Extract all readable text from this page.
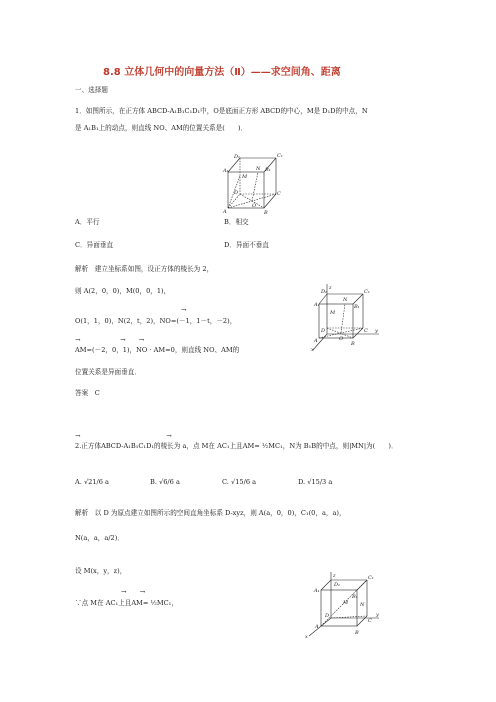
8.8 立体几何中的向量方法（Ⅱ）——求空间角、距离
一、选择题
1．如图所示，在正方体 ABCD-A₁B₁C₁D₁中，O是底面正方形 ABCD的中心，M是 D₁D的中点，N
是 A₁B₁上的动点，则直线 NO、AM的位置关系是(　　)．
D₁	C₁
A₁	B₁
M
N
D	C
A
O
B
A．平行	B．相交
C．异面垂直	D．异面不垂直
解析　建立坐标系如图，设正方体的棱长为 2，
则 A(2，0，0)，M(0，0，1)，
→
O(1，1，0)，N(2，t，2)，NO=(－1，1－t，－2)，
→　　　　　　→　　→
AM=(－2，0，1)，NO · AM=0，则直线 NO、AM的
位置关系是异面垂直．
答案　C
z
D₁	C₁
A₁	B₁
M
N
D	C y
A	O
B
x
→　　　　　　　　　　　　　→
2.正方体ABCD-A₁B₁C₁D₁的棱长为 a，点 M在 AC₁上且AM= ½MC₁，N为 B₁B的中点，则|MN|为(　　)．
A. √21/6 a	B. √6/6 a	C. √15/6 a	D. √15/3 a
解析　以 D 为原点建立如图所示的空间直角坐标系 D-xyz，则 A(a，0，0)，C₁(0，a，a)，
N(a，a，a/2)．
设 M(x，y，z)，
→　　→
∵点 M在 AC₁上且AM= ½MC₁，
z
D₁
C₁
A₁
B₁
M N
D
C
y
A
B
x
